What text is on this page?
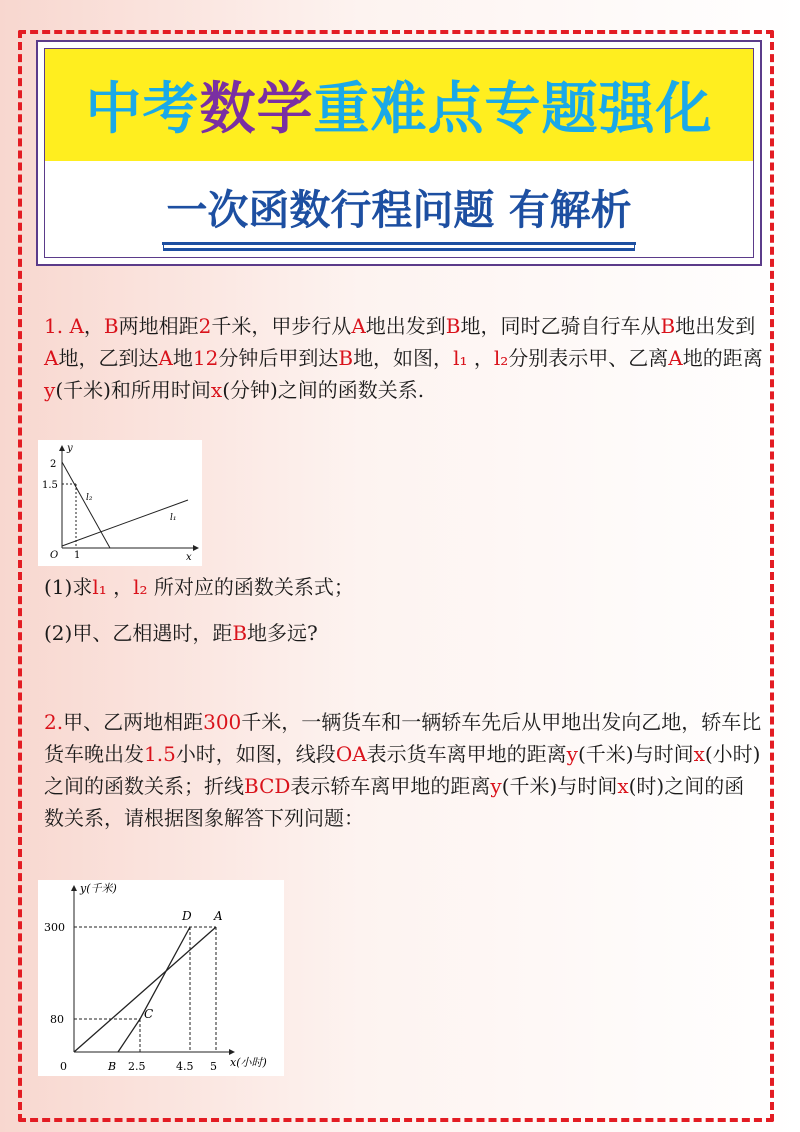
中考数学重难点专题强化
一次函数行程问题 有解析
1. A，B两地相距2千米，甲步行从A地出发到B地，同时乙骑自行车从B地出发到A地，乙到达A地12分钟后甲到达B地，如图，l₁ ，l₂分别表示甲、乙离A地的距离y(千米)和所用时间x(分钟)之间的函数关系.
y
x
O
2
1.5
1
l₂
l₁
(1)求l₁ ，l₂ 所对应的函数关系式；
(2)甲、乙相遇时，距B地多远?
2.甲、乙两地相距300千米，一辆货车和一辆轿车先后从甲地出发向乙地，轿车比货车晚出发1.5小时，如图，线段OA表示货车离甲地的距离y(千米)与时间x(小时)之间的函数关系；折线BCD表示轿车离甲地的距离y(千米)与时间x(时)之间的函数关系，请根据图象解答下列问题：
y(千米)
x(小时)
0
300
80
B 2.5	4.5 5
D A
C
